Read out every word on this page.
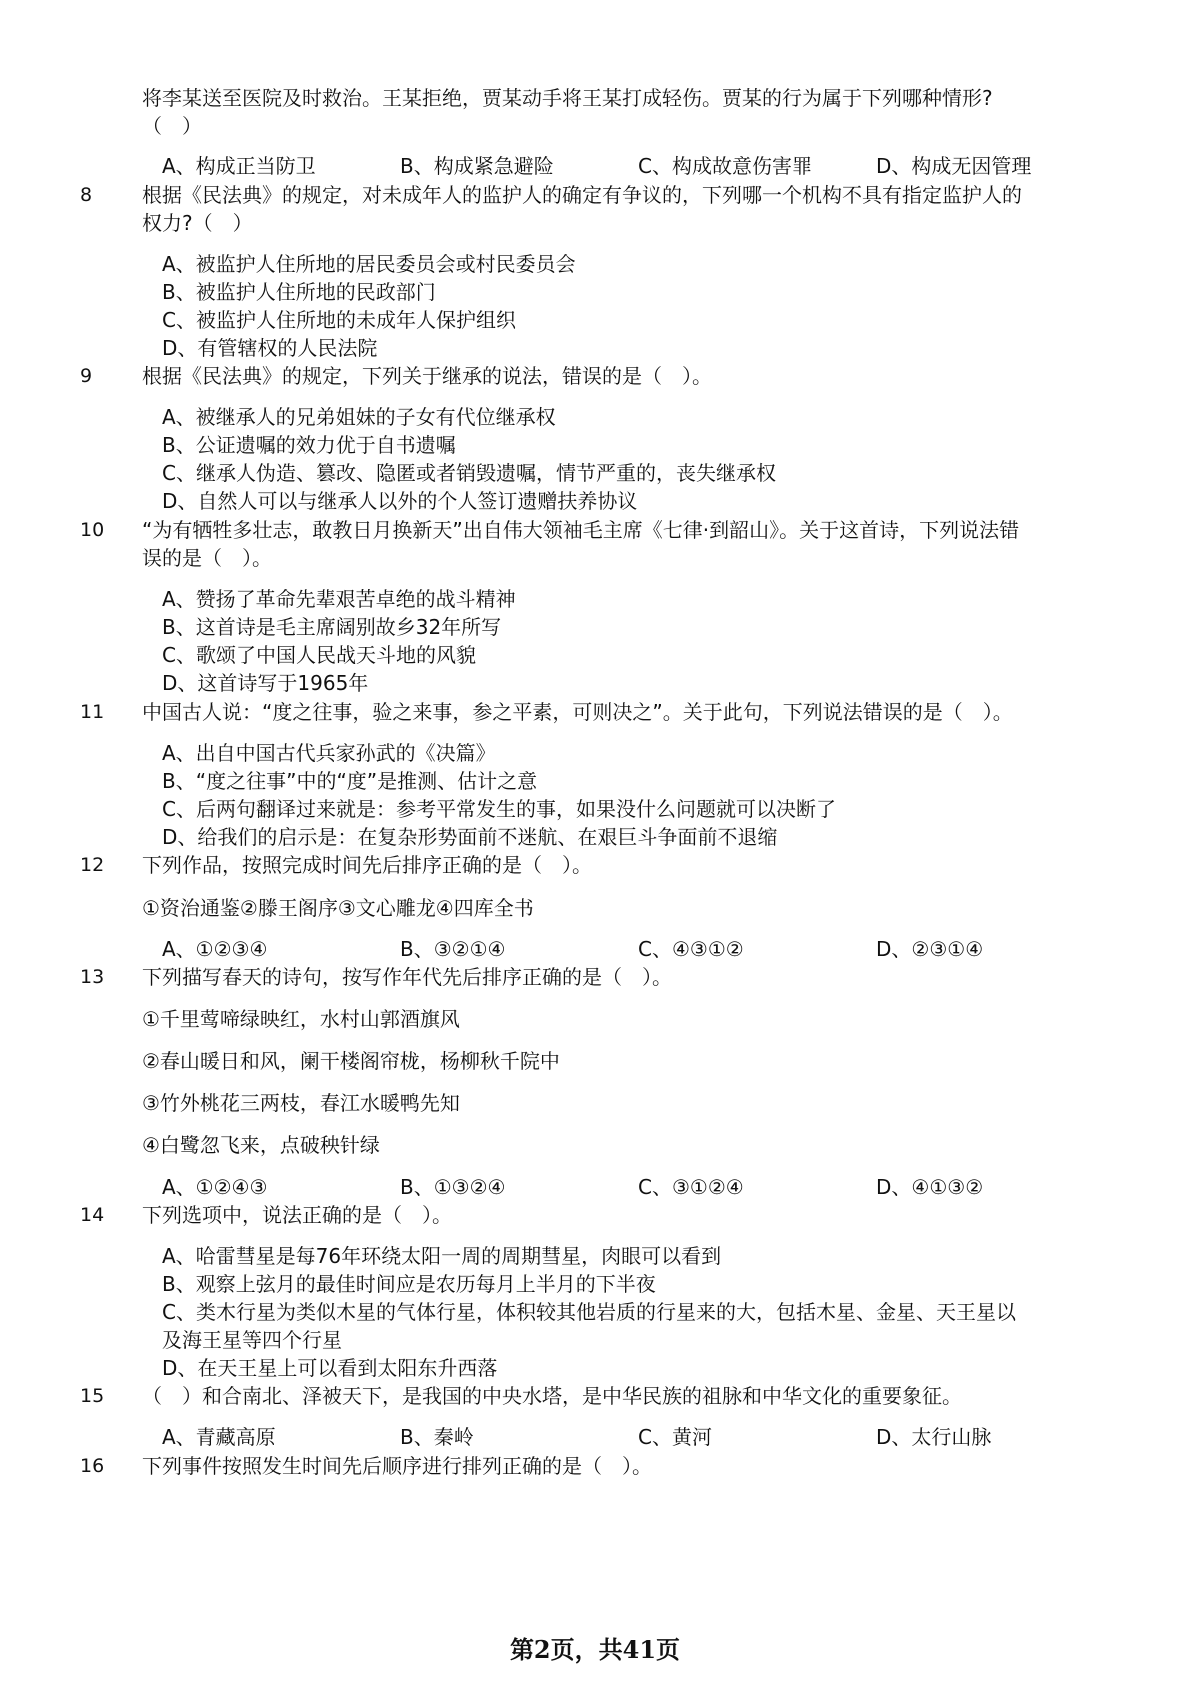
将李某送至医院及时救治。王某拒绝，贾某动手将王某打成轻伤。贾某的行为属于下列哪种情形?
（　）
A、构成正当防卫	B、构成紧急避险	C、构成故意伤害罪	D、构成无因管理
8 根据《民法典》的规定，对未成年人的监护人的确定有争议的，下列哪一个机构不具有指定监护人的
权力?（　）
A、被监护人住所地的居民委员会或村民委员会
B、被监护人住所地的民政部门
C、被监护人住所地的未成年人保护组织
D、有管辖权的人民法院
9 根据《民法典》的规定，下列关于继承的说法，错误的是（　）。
A、被继承人的兄弟姐妹的子女有代位继承权
B、公证遗嘱的效力优于自书遗嘱
C、继承人伪造、篡改、隐匿或者销毁遗嘱，情节严重的，丧失继承权
D、自然人可以与继承人以外的个人签订遗赠扶养协议
10 “为有牺牲多壮志，敢教日月换新天”出自伟大领袖毛主席《七律·到韶山》。关于这首诗，下列说法错
误的是（　）。
A、赞扬了革命先辈艰苦卓绝的战斗精神
B、这首诗是毛主席阔别故乡32年所写
C、歌颂了中国人民战天斗地的风貌
D、这首诗写于1965年
11 中国古人说：“度之往事，验之来事，参之平素，可则决之”。关于此句，下列说法错误的是（　）。
A、出自中国古代兵家孙武的《决篇》
B、“度之往事”中的“度”是推测、估计之意
C、后两句翻译过来就是：参考平常发生的事，如果没什么问题就可以决断了
D、给我们的启示是：在复杂形势面前不迷航、在艰巨斗争面前不退缩
12 下列作品，按照完成时间先后排序正确的是（　）。
①资治通鉴②滕王阁序③文心雕龙④四库全书
A、①②③④	B、③②①④	C、④③①②	D、②③①④
13 下列描写春天的诗句，按写作年代先后排序正确的是（　）。
①千里莺啼绿映红，水村山郭酒旗风
②春山暖日和风，阑干楼阁帘栊，杨柳秋千院中
③竹外桃花三两枝，春江水暖鸭先知
④白鹭忽飞来，点破秧针绿
A、①②④③	B、①③②④	C、③①②④	D、④①③②
14 下列选项中，说法正确的是（　）。
A、哈雷彗星是每76年环绕太阳一周的周期彗星，肉眼可以看到
B、观察上弦月的最佳时间应是农历每月上半月的下半夜
C、类木行星为类似木星的气体行星，体积较其他岩质的行星来的大，包括木星、金星、天王星以
及海王星等四个行星
D、在天王星上可以看到太阳东升西落
15 （　）和合南北、泽被天下，是我国的中央水塔，是中华民族的祖脉和中华文化的重要象征。
A、青藏高原	B、秦岭	C、黄河	D、太行山脉
16 下列事件按照发生时间先后顺序进行排列正确的是（　）。
第2页，共41页
